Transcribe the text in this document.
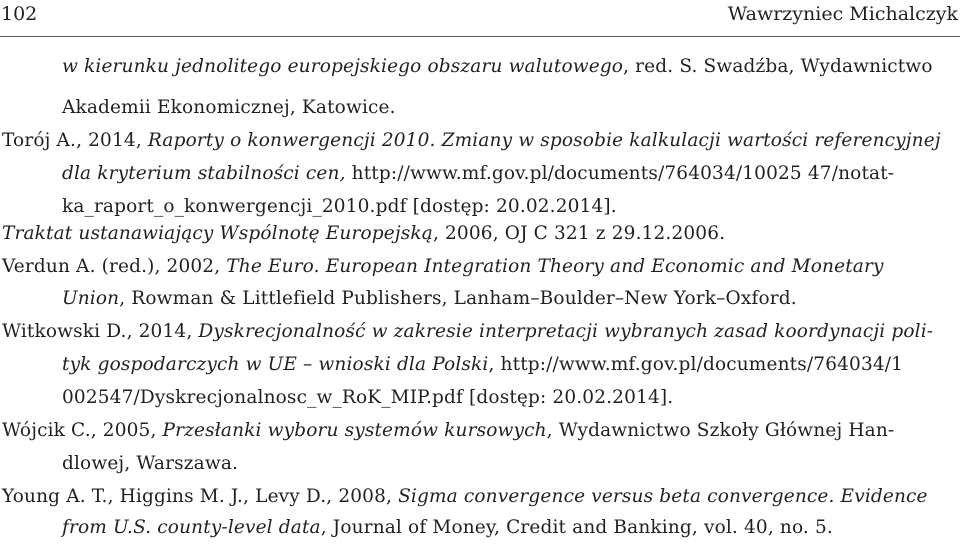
102	Wawrzyniec Michalczyk
w kierunku jednolitego europejskiego obszaru walutowego, red. S. Swadźba, Wydawnictwo
Akademii Ekonomicznej, Katowice.
Torój A., 2014, Raporty o konwergencji 2010. Zmiany w sposobie kalkulacji wartości referencyjnej
dla kryterium stabilności cen, http://www.mf.gov.pl/documents/764034/10025 47/notat-
ka_raport_o_konwergencji_2010.pdf [dostęp: 20.02.2014].
Traktat ustanawiający Wspólnotę Europejską, 2006, OJ C 321 z 29.12.2006.
Verdun A. (red.), 2002, The Euro. European Integration Theory and Economic and Monetary
Union, Rowman & Littlefield Publishers, Lanham–Boulder–New York–Oxford.
Witkowski D., 2014, Dyskrecjonalność w zakresie interpretacji wybranych zasad koordynacji poli-
tyk gospodarczych w UE – wnioski dla Polski, http://www.mf.gov.pl/documents/764034/1
002547/Dyskrecjonalnosc_w_RoK_MIP.pdf [dostęp: 20.02.2014].
Wójcik C., 2005, Przesłanki wyboru systemów kursowych, Wydawnictwo Szkoły Głównej Han-
dlowej, Warszawa.
Young A. T., Higgins M. J., Levy D., 2008, Sigma convergence versus beta convergence. Evidence
from U.S. county-level data, Journal of Money, Credit and Banking, vol. 40, no. 5.
